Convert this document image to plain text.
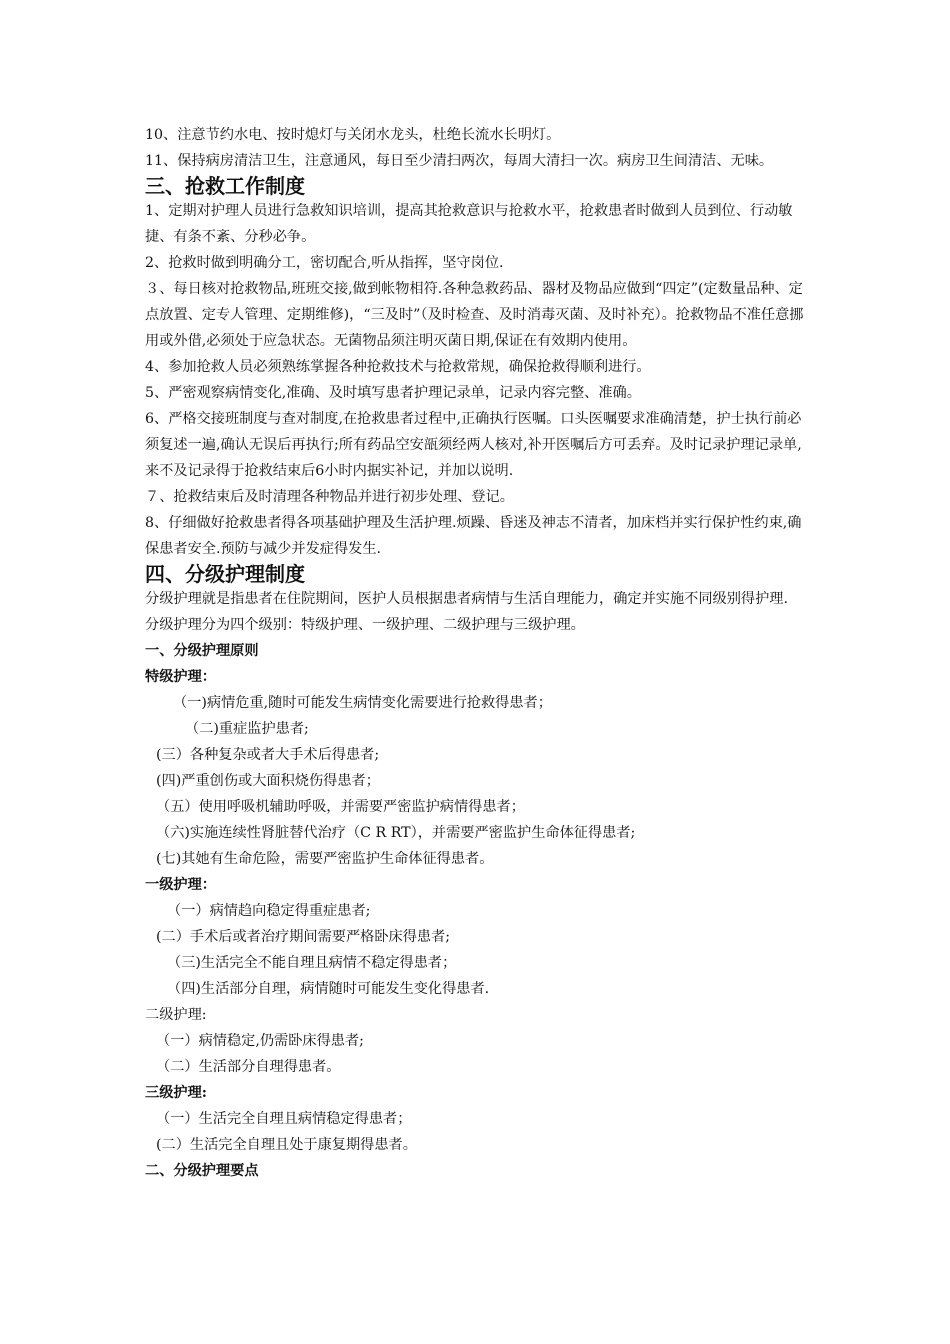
10、注意节约水电、按时熄灯与关闭水龙头，杜绝长流水长明灯。

11、保持病房清洁卫生，注意通风，每日至少清扫两次，每周大清扫一次。病房卫生间清洁、无味。

三、抢救工作制度

1、定期对护理人员进行急救知识培训，提高其抢救意识与抢救水平，抢救患者时做到人员到位、行动敏捷、有条不紊、分秒必争。

2、抢救时做到明确分工，密切配合,听从指挥，坚守岗位.

３、每日核对抢救物品,班班交接,做到帐物相符.各种急救药品、器材及物品应做到“四定”(定数量品种、定点放置、定专人管理、定期维修)，“三及时”（及时检查、及时消毒灭菌、及时补充）。抢救物品不准任意挪用或外借,必须处于应急状态。无菌物品须注明灭菌日期,保证在有效期内使用。

4、参加抢救人员必须熟练掌握各种抢救技术与抢救常规，确保抢救得顺利进行。

5、严密观察病情变化,准确、及时填写患者护理记录单，记录内容完整、准确。

6、严格交接班制度与查对制度,在抢救患者过程中,正确执行医嘱。口头医嘱要求准确清楚，护士执行前必须复述一遍,确认无误后再执行;所有药品空安瓿须经两人核对,补开医嘱后方可丢弃。及时记录护理记录单,来不及记录得于抢救结束后6小时内据实补记，并加以说明.

７、抢救结束后及时清理各种物品并进行初步处理、登记。

8、仔细做好抢救患者得各项基础护理及生活护理.烦躁、昏迷及神志不清者，加床档并实行保护性约束,确保患者安全.预防与减少并发症得发生.

四、分级护理制度

分级护理就是指患者在住院期间，医护人员根据患者病情与生活自理能力，确定并实施不同级别得护理.

分级护理分为四个级别：特级护理、一级护理、二级护理与三级护理。

一、分级护理原则

特级护理：

（一)病情危重,随时可能发生病情变化需要进行抢救得患者；

（二)重症监护患者;

(三）各种复杂或者大手术后得患者;

(四)严重创伤或大面积烧伤得患者；

（五）使用呼吸机辅助呼吸，并需要严密监护病情得患者；

（六)实施连续性肾脏替代治疗（C R RT），并需要严密监护生命体征得患者;

(七)其她有生命危险，需要严密监护生命体征得患者。

一级护理：

（一）病情趋向稳定得重症患者;

(二）手术后或者治疗期间需要严格卧床得患者;

（三)生活完全不能自理且病情不稳定得患者；

（四)生活部分自理，病情随时可能发生变化得患者.

二级护理:

（一）病情稳定,仍需卧床得患者;

（二）生活部分自理得患者。

三级护理:

（一）生活完全自理且病情稳定得患者；

(二）生活完全自理且处于康复期得患者。

二、分级护理要点
